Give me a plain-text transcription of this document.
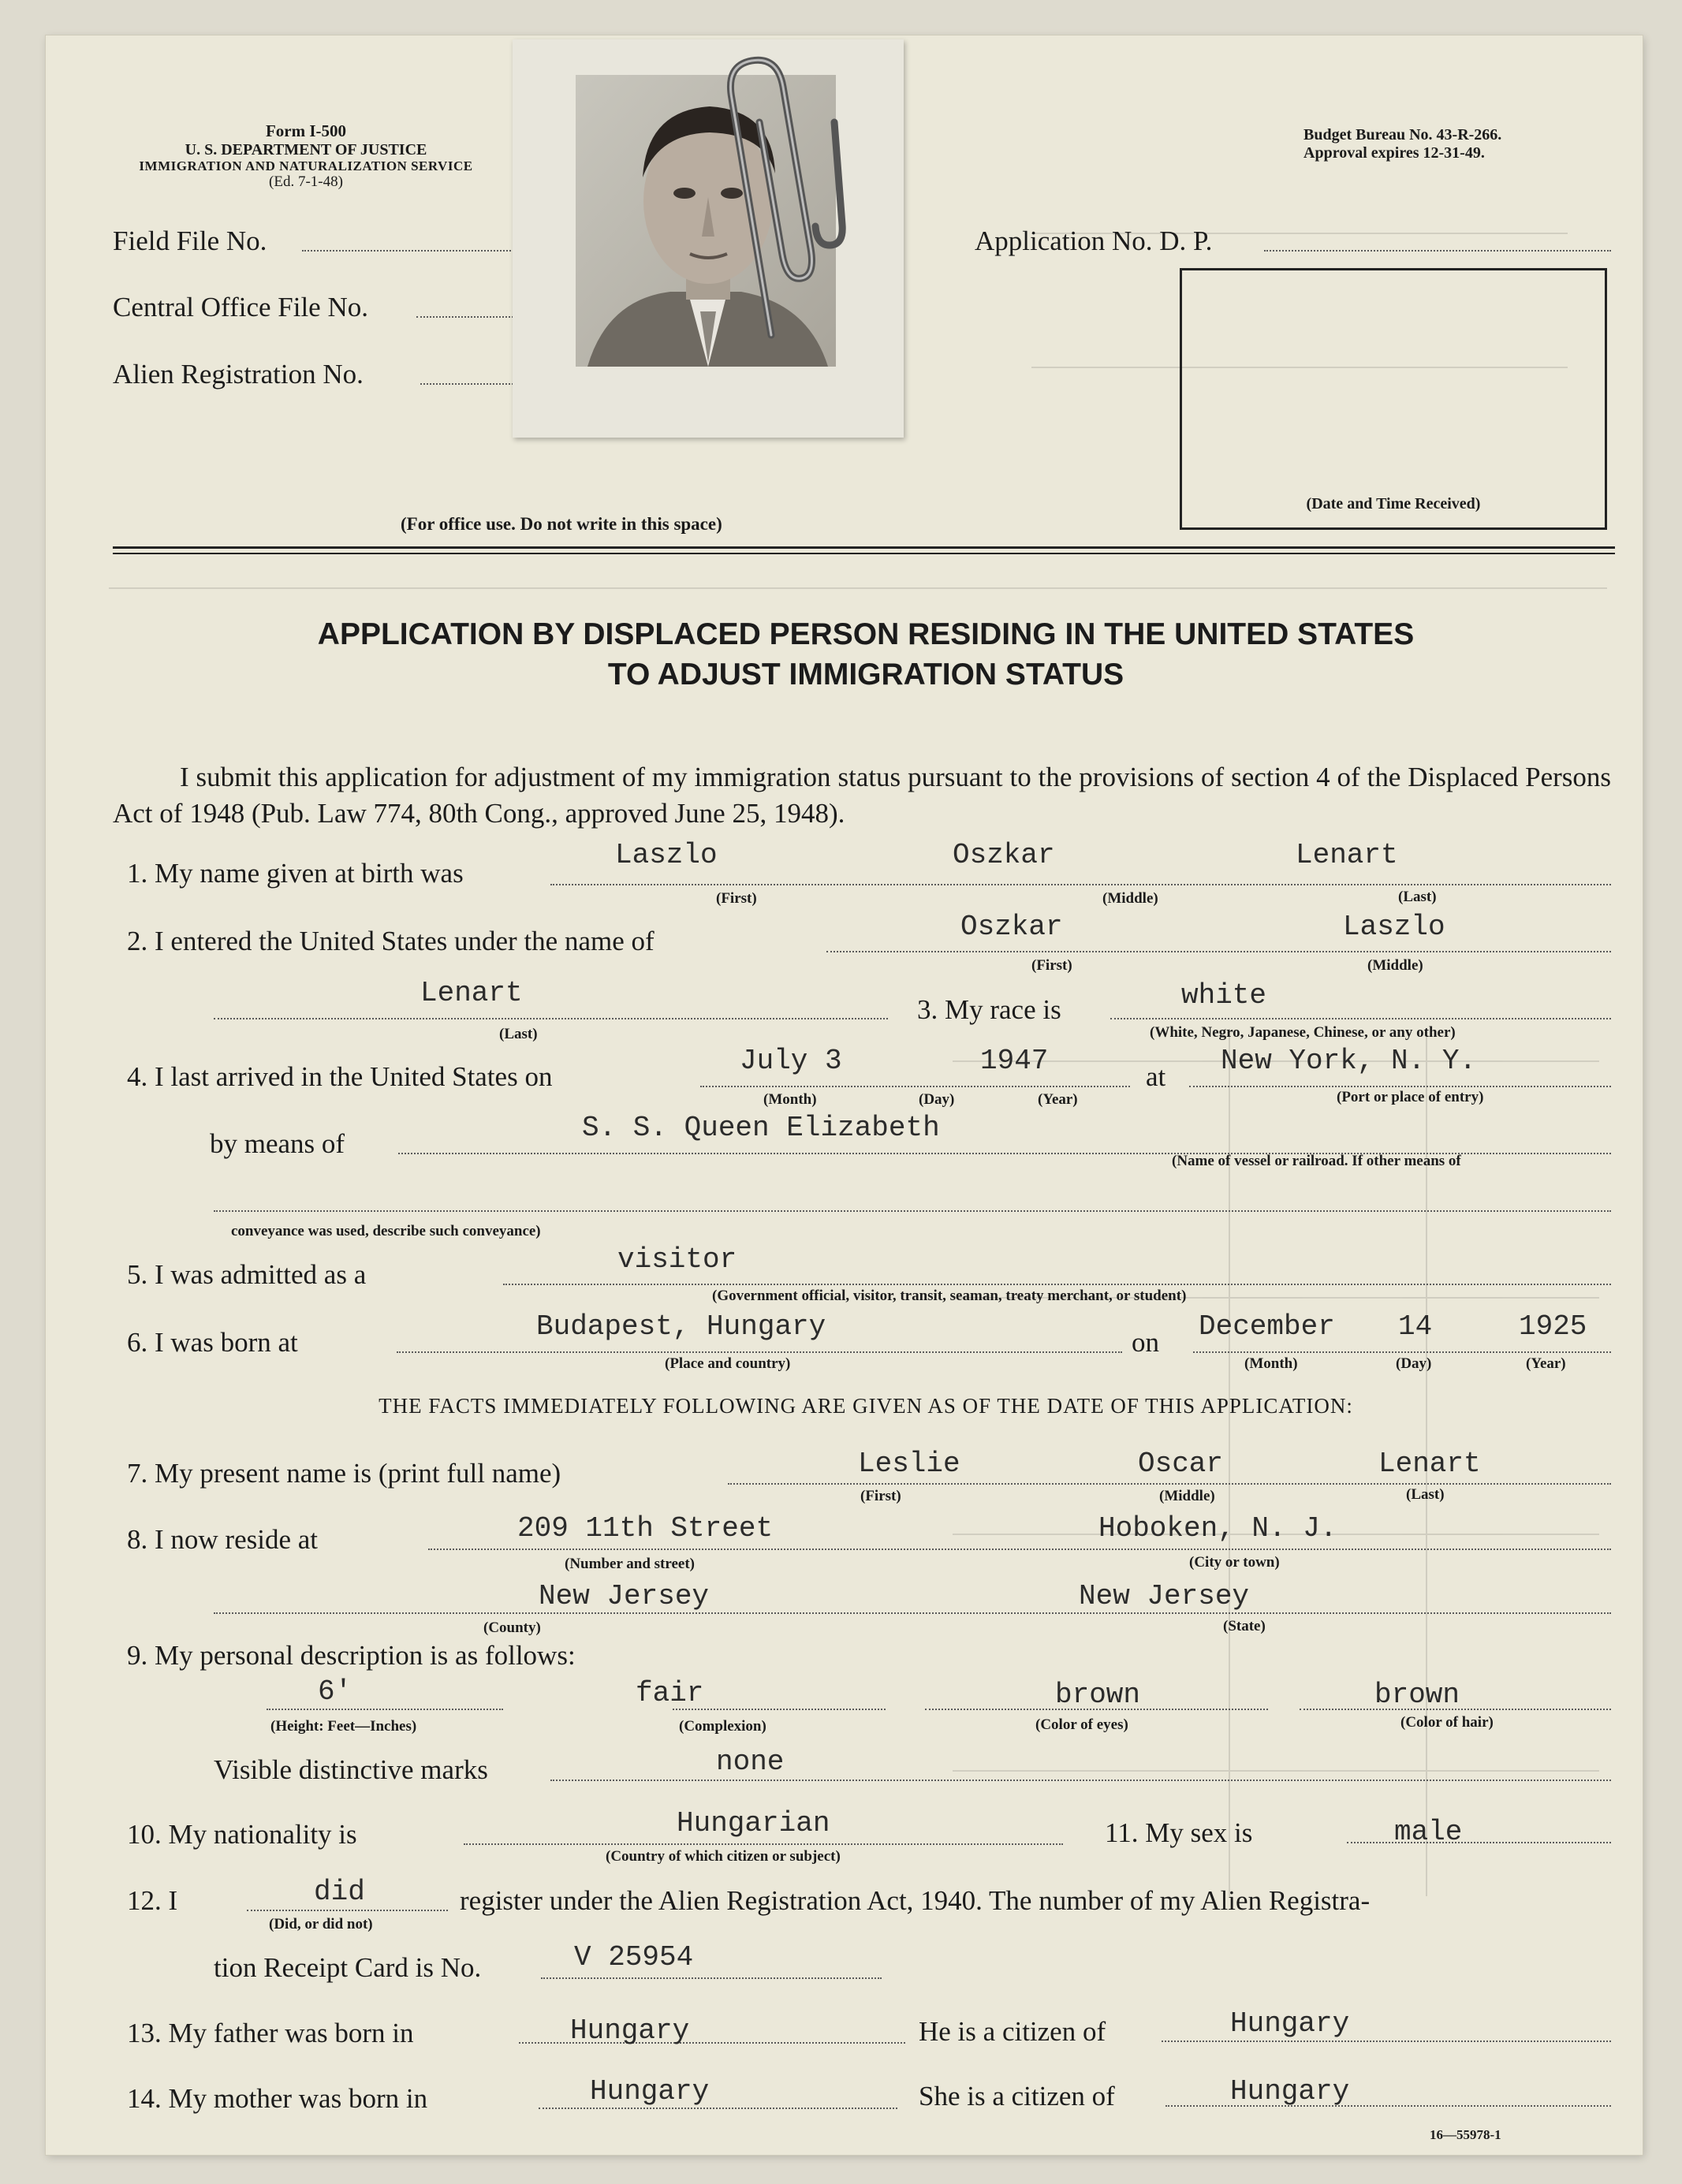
Form I-500
U. S. DEPARTMENT OF JUSTICE
IMMIGRATION AND NATURALIZATION SERVICE
(Ed. 7-1-48)
Budget Bureau No. 43-R-266.
Approval expires 12-31-49.
Field File No.
Central Office File No.
Alien Registration No.
Application No. D. P.
(Date and Time Received)
(For office use. Do not write in this space)
APPLICATION BY DISPLACED PERSON RESIDING IN THE UNITED STATES
TO ADJUST IMMIGRATION STATUS
I submit this application for adjustment of my immigration status pursuant to the provisions of section 4 of the Displaced Persons Act of 1948 (Pub. Law 774, 80th Cong., approved June 25, 1948).
1. My name given at birth was
Laszlo	Oszkar	Lenart
(First)	(Middle)	(Last)
2. I entered the United States under the name of	Oszkar	Laszlo
(First)	(Middle)
Lenart
(Last)
3. My race is	white
(White, Negro, Japanese, Chinese, or any other)
4. I last arrived in the United States on	July 3	1947
(Month)	(Day)	(Year)
at New York, N. Y.
(Port or place of entry)
by means of	S. S. Queen Elizabeth
(Name of vessel or railroad. If other means of
conveyance was used, describe such conveyance)
5. I was admitted as a	visitor
(Government official, visitor, transit, seaman, treaty merchant, or student)
6. I was born at	Budapest, Hungary
(Place and country)
on December 14	1925
(Month)	(Day)	(Year)
THE FACTS IMMEDIATELY FOLLOWING ARE GIVEN AS OF THE DATE OF THIS APPLICATION:
7. My present name is (print full name)	Leslie	Oscar	Lenart
(First)	(Middle)	(Last)
8. I now reside at	209 11th Street	Hoboken, N. J.
(Number and street)	(City or town)
New Jersey	New Jersey
(County)	(State)
9. My personal description is as follows:
6'	fair	brown	brown
(Height: Feet—Inches)	(Complexion)	(Color of eyes)	(Color of hair)
Visible distinctive marks	none
10. My nationality is	Hungarian
(Country of which citizen or subject)
11. My sex is	male
12. I	did
(Did, or did not)
register under the Alien Registration Act, 1940. The number of my Alien Registra-
tion Receipt Card is No.	V 25954
13. My father was born in	Hungary	He is a citizen of	Hungary
14. My mother was born in	Hungary	She is a citizen of	Hungary
16—55978-1
